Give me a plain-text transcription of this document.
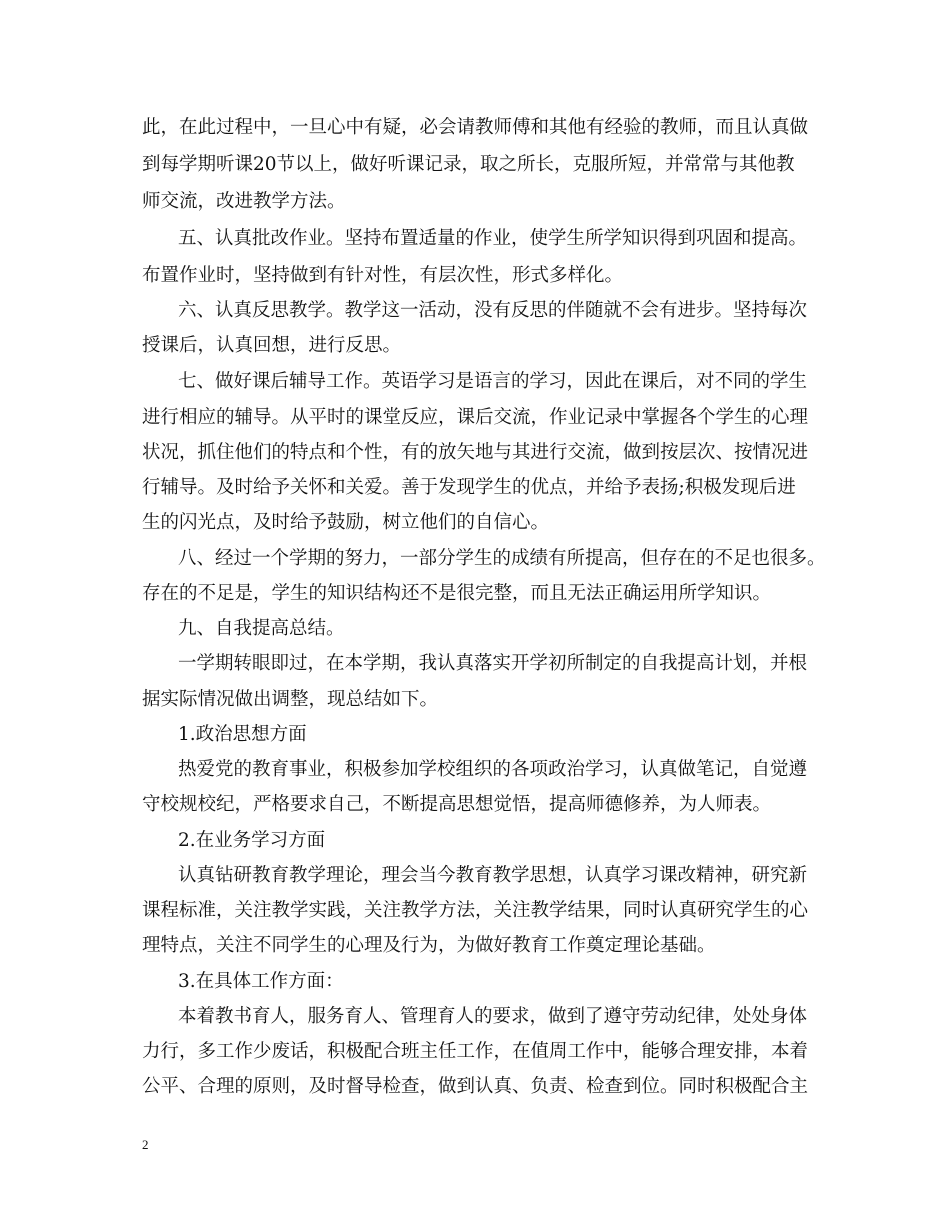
此，在此过程中，一旦心中有疑，必会请教师傅和其他有经验的教师，而且认真做
到每学期听课20节以上，做好听课记录，取之所长，克服所短，并常常与其他教
师交流，改进教学方法。
五、认真批改作业。坚持布置适量的作业，使学生所学知识得到巩固和提高。
布置作业时，坚持做到有针对性，有层次性，形式多样化。
六、认真反思教学。教学这一活动，没有反思的伴随就不会有进步。坚持每次
授课后，认真回想，进行反思。
七、做好课后辅导工作。英语学习是语言的学习，因此在课后，对不同的学生
进行相应的辅导。从平时的课堂反应，课后交流，作业记录中掌握各个学生的心理
状况，抓住他们的特点和个性，有的放矢地与其进行交流，做到按层次、按情况进
行辅导。及时给予关怀和关爱。善于发现学生的优点，并给予表扬;积极发现后进
生的闪光点，及时给予鼓励，树立他们的自信心。
八、经过一个学期的努力，一部分学生的成绩有所提高，但存在的不足也很多。
存在的不足是，学生的知识结构还不是很完整，而且无法正确运用所学知识。
九、自我提高总结。
一学期转眼即过，在本学期，我认真落实开学初所制定的自我提高计划，并根
据实际情况做出调整，现总结如下。
1.政治思想方面
热爱党的教育事业，积极参加学校组织的各项政治学习，认真做笔记，自觉遵
守校规校纪，严格要求自己，不断提高思想觉悟，提高师德修养，为人师表。
2.在业务学习方面
认真钻研教育教学理论，理会当今教育教学思想，认真学习课改精神，研究新
课程标准，关注教学实践，关注教学方法，关注教学结果，同时认真研究学生的心
理特点，关注不同学生的心理及行为，为做好教育工作奠定理论基础。
3.在具体工作方面：
本着教书育人，服务育人、管理育人的要求，做到了遵守劳动纪律，处处身体
力行，多工作少废话，积极配合班主任工作，在值周工作中，能够合理安排，本着
公平、合理的原则，及时督导检查，做到认真、负责、检查到位。同时积极配合主
2
